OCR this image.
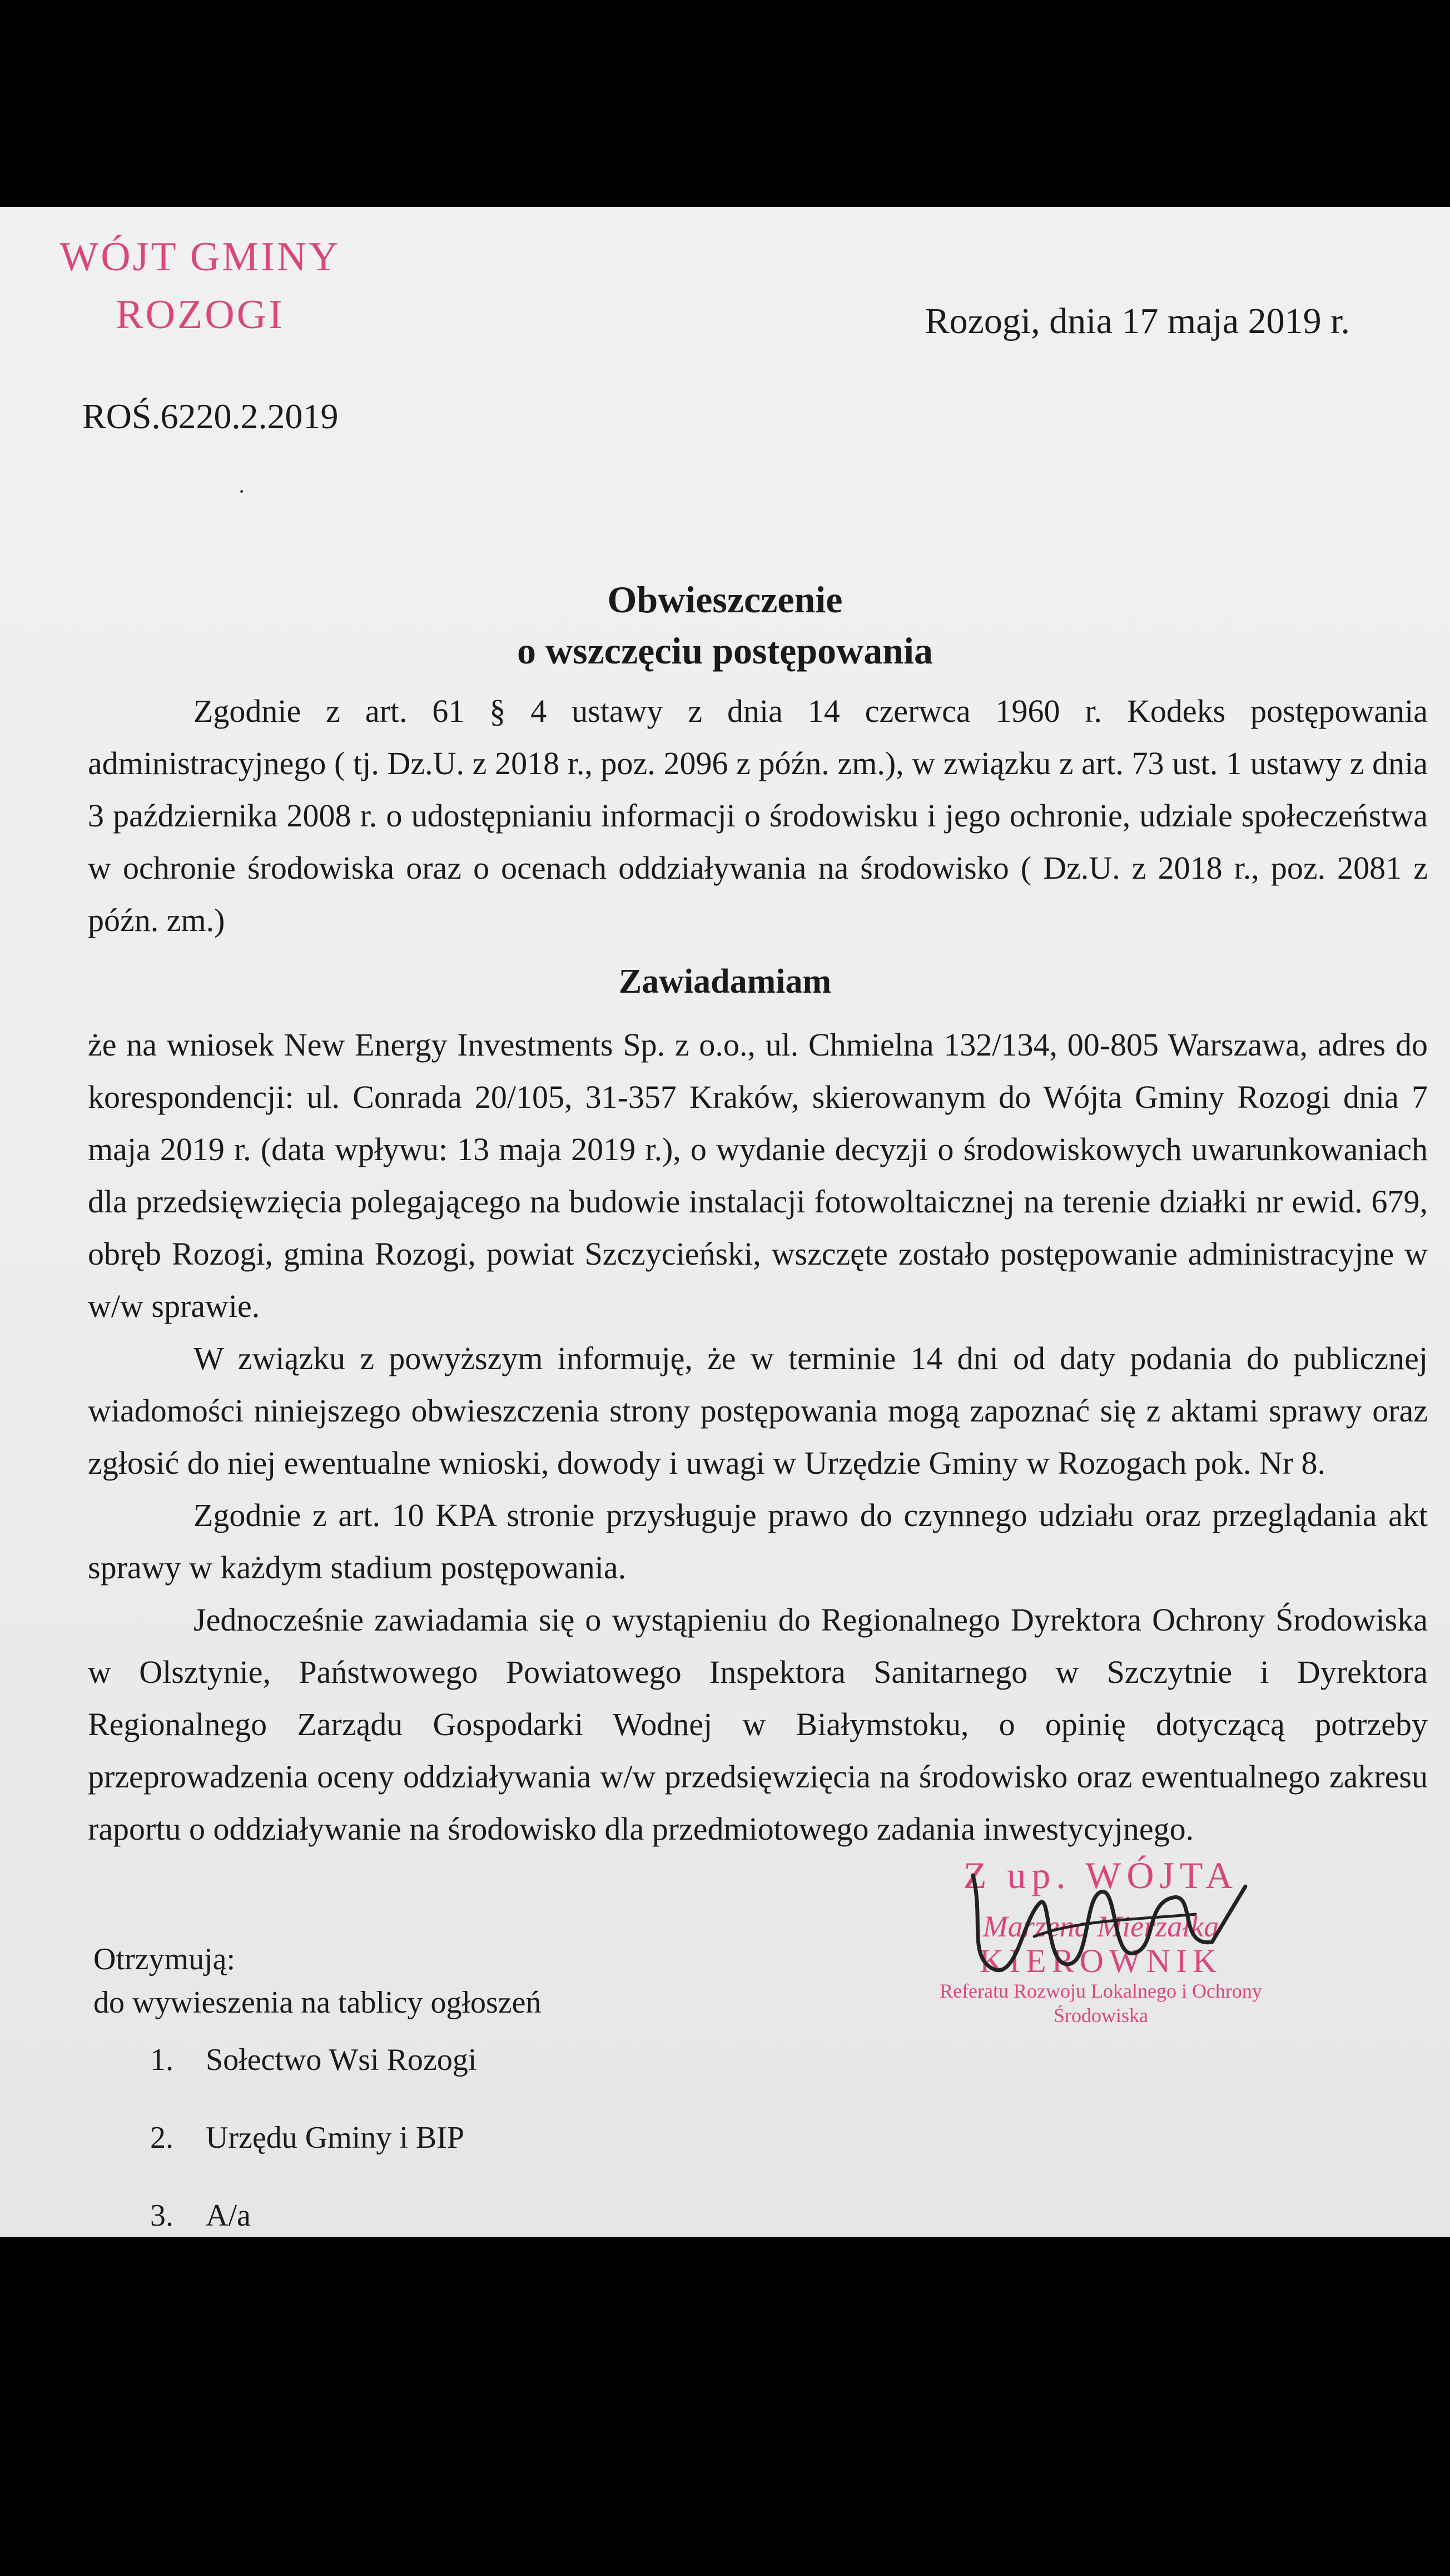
WÓJT GMINY
ROZOGI	Rozogi, dnia 17 maja 2019 r.
ROŚ.6220.2.2019
·
Obwieszczenie
o wszczęciu postępowania

Zgodnie z art. 61 § 4 ustawy z dnia 14 czerwca 1960 r. Kodeks postępowania administracyjnego ( tj. Dz.U. z 2018 r., poz. 2096 z późn. zm.), w związku z art. 73 ust. 1 ustawy z dnia 3 października 2008 r. o udostępnianiu informacji o środowisku i jego ochronie, udziale społeczeństwa w ochronie środowiska oraz o ocenach oddziaływania na środowisko ( Dz.U. z 2018 r., poz. 2081 z późn. zm.)

Zawiadamiam

że na wniosek New Energy Investments Sp. z o.o., ul. Chmielna 132/134, 00-805 Warszawa, adres do korespondencji: ul. Conrada 20/105, 31-357 Kraków, skierowanym do Wójta Gminy Rozogi dnia 7 maja 2019 r. (data wpływu: 13 maja 2019 r.), o wydanie decyzji o środowiskowych uwarunkowaniach dla przedsięwzięcia polegającego na budowie instalacji fotowoltaicznej na terenie działki nr ewid. 679, obręb Rozogi, gmina Rozogi, powiat Szczycieński, wszczęte zostało postępowanie administracyjne w w/w sprawie.

W związku z powyższym informuję, że w terminie 14 dni od daty podania do publicznej wiadomości niniejszego obwieszczenia strony postępowania mogą zapoznać się z aktami sprawy oraz zgłosić do niej ewentualne wnioski, dowody i uwagi w Urzędzie Gminy w Rozogach pok. Nr 8.

Zgodnie z art. 10 KPA stronie przysługuje prawo do czynnego udziału oraz przeglądania akt sprawy w każdym stadium postępowania.

Jednocześnie zawiadamia się o wystąpieniu do Regionalnego Dyrektora Ochrony Środowiska w Olsztynie, Państwowego Powiatowego Inspektora Sanitarnego w Szczytnie i Dyrektora Regionalnego Zarządu Gospodarki Wodnej w Białymstoku, o opinię dotyczącą potrzeby przeprowadzenia oceny oddziaływania w/w przedsięwzięcia na środowisko oraz ewentualnego zakresu raportu o oddziaływanie na środowisko dla przedmiotowego zadania inwestycyjnego.

Z up. WÓJTA
Marzena Mierzałka
KIEROWNIK
Referatu Rozwoju Lokalnego i Ochrony Środowiska
Otrzymują:
do wywieszenia na tablicy ogłoszeń
1. Sołectwo Wsi Rozogi
2. Urzędu Gminy i BIP
3. A/a
